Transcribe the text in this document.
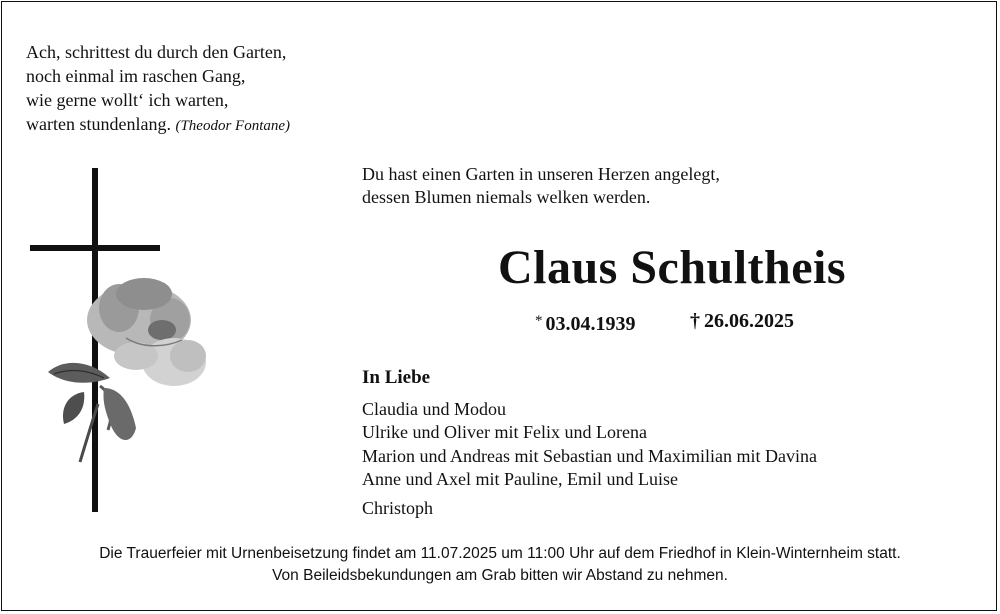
Ach, schrittest du durch den Garten,
noch einmal im raschen Gang,
wie gerne wollt‘ ich warten,
warten stundenlang. (Theodor Fontane)
Du hast einen Garten in unseren Herzen angelegt,
dessen Blumen niemals welken werden.
Claus Schultheis
* 03.04.1939	† 26.06.2025
In Liebe
Claudia und Modou
Ulrike und Oliver mit Felix und Lorena
Marion und Andreas mit Sebastian und Maximilian mit Davina
Anne und Axel mit Pauline, Emil und Luise
Christoph
Die Trauerfeier mit Urnenbeisetzung findet am 11.07.2025 um 11:00 Uhr auf dem Friedhof in Klein-Winternheim statt.
Von Beileidsbekundungen am Grab bitten wir Abstand zu nehmen.
